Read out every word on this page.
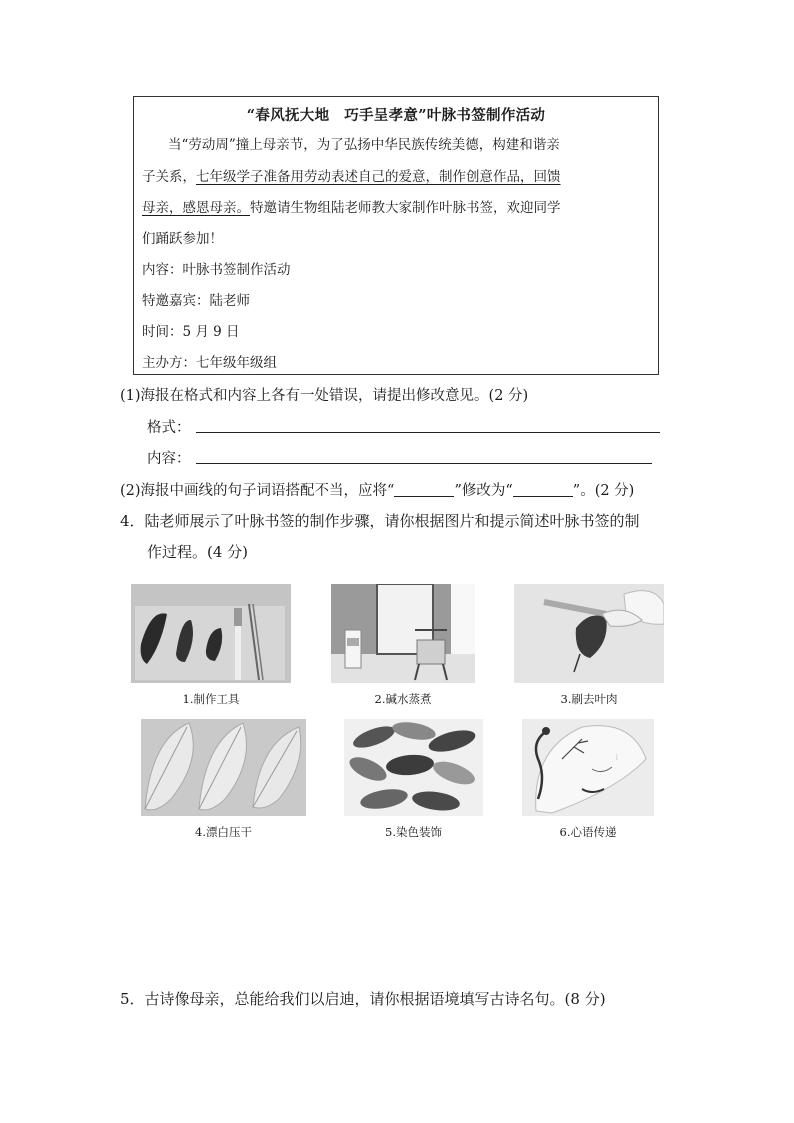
“春风抚大地　巧手呈孝意”叶脉书签制作活动
当“劳动周”撞上母亲节，为了弘扬中华民族传统美德，构建和谐亲
子关系，七年级学子准备用劳动表述自己的爱意，制作创意作品，回馈
母亲，感恩母亲。特邀请生物组陆老师教大家制作叶脉书签，欢迎同学
们踊跃参加！
内容：叶脉书签制作活动
特邀嘉宾：陆老师
时间：5 月 9 日
主办方：七年级年级组
(1)海报在格式和内容上各有一处错误，请提出修改意见。(2 分)
格式：
内容：
(2)海报中画线的句子词语搭配不当，应将“	”修改为“	”。(2 分)
4．陆老师展示了叶脉书签的制作步骤，请你根据图片和提示简述叶脉书签的制
作过程。(4 分)
1.制作工具	2.碱水蒸煮	3.刷去叶肉
4.漂白压干	5.染色装饰
⋮
6.心语传递
5．古诗像母亲，总能给我们以启迪，请你根据语境填写古诗名句。(8 分)
